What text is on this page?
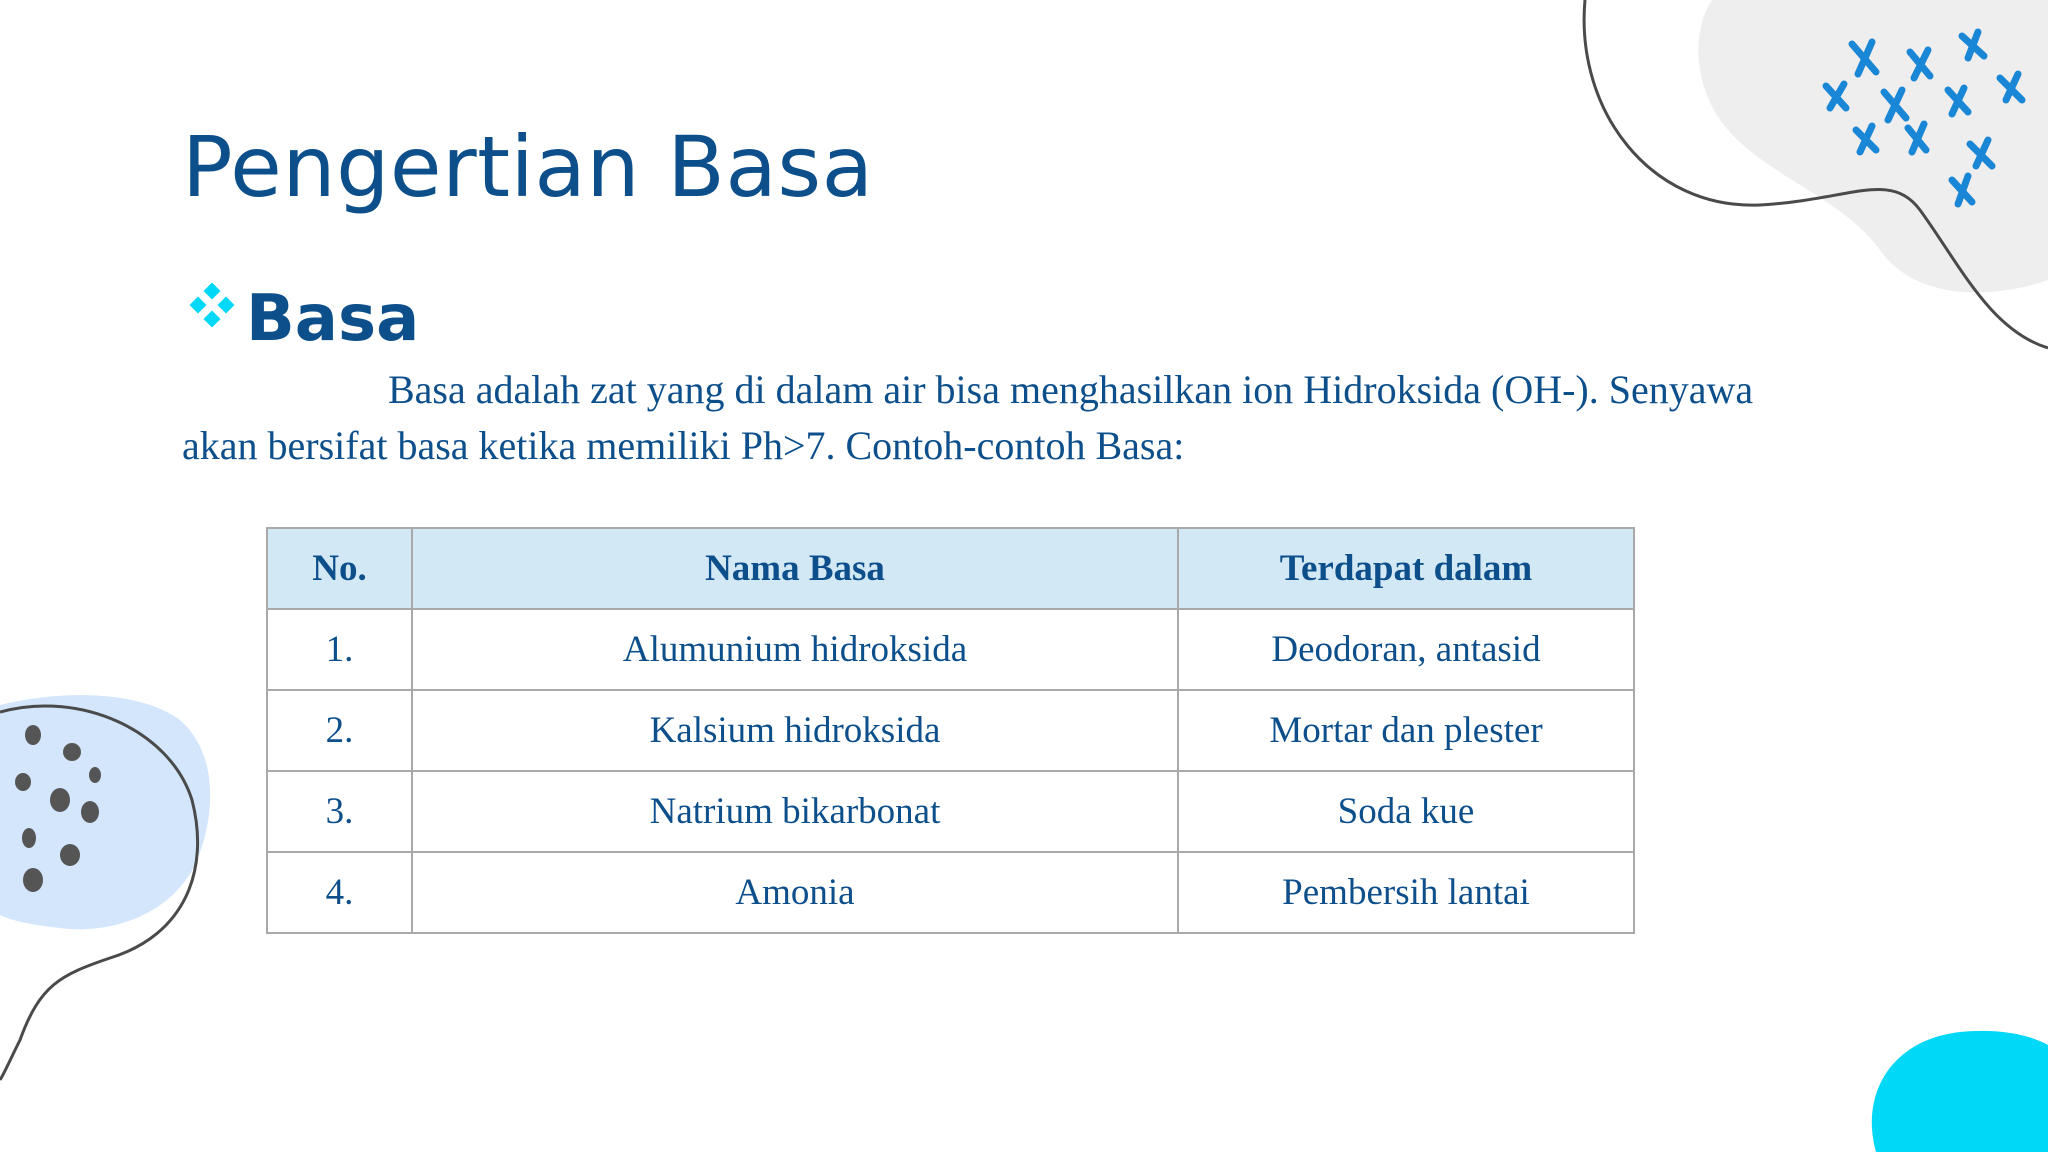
Pengertian Basa
Basa

Basa adalah zat yang di dalam air bisa menghasilkan ion Hidroksida (OH-). Senyawa akan bersifat basa ketika memiliki Ph>7. Contoh-contoh Basa:

No.	Nama Basa	Terdapat dalam
1.	Alumunium hidroksida	Deodoran, antasid
2.	Kalsium hidroksida	Mortar dan plester
3.	Natrium bikarbonat	Soda kue
4.	Amonia	Pembersih lantai
